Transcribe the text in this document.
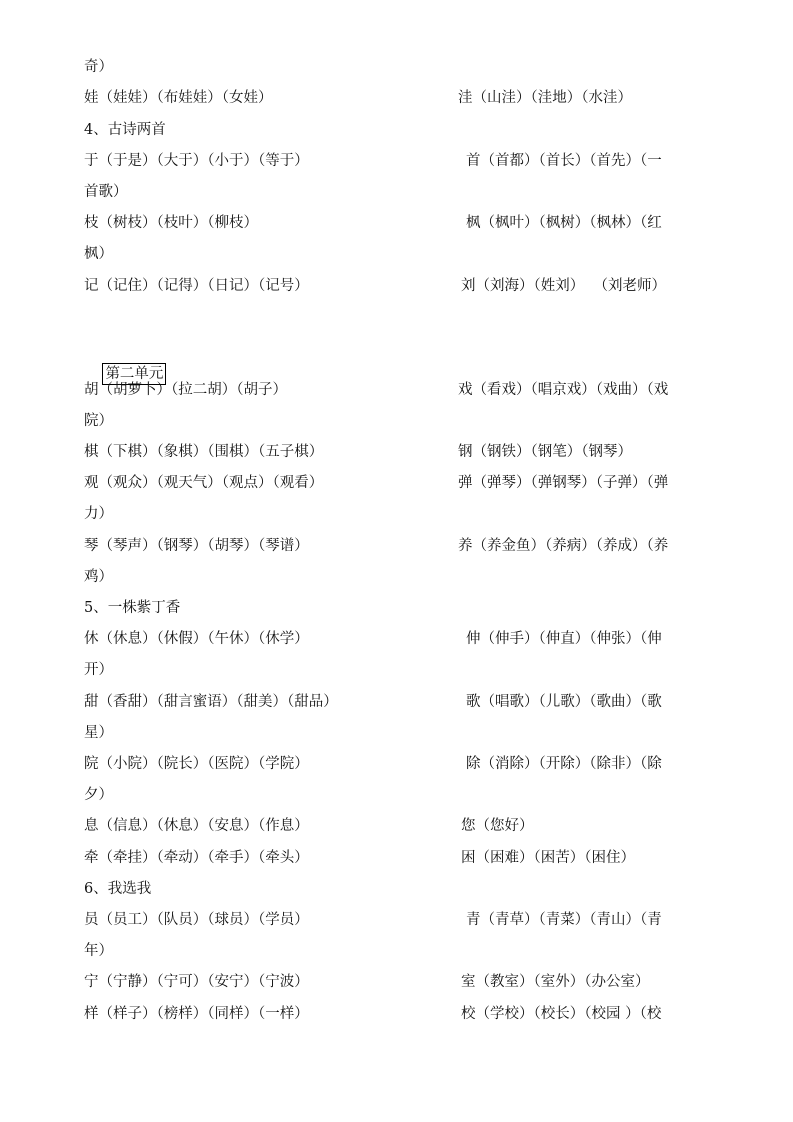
奇）
娃（娃娃）（布娃娃）（女娃）	洼（山洼）（洼地）（水洼）
4、古诗两首
于（于是）（大于）（小于）（等于）	首（首都）（首长）（首先）（一
首歌）
枝（树枝）（枝叶）（柳枝）	枫（枫叶）（枫树）（枫林）（红
枫）
记（记住）（记得）（日记）（记号）	刘（刘海）（姓刘）  （刘老师）

第二单元

胡（胡萝卜）（拉二胡）（胡子）	戏（看戏）（唱京戏）（戏曲）（戏
院）
棋（下棋）（象棋）（围棋）（五子棋）	钢（钢铁）（钢笔）（钢琴）
观（观众）（观天气）（观点）（观看）	弹（弹琴）（弹钢琴）（子弹）（弹
力）
琴（琴声）（钢琴）（胡琴）（琴谱）	养（养金鱼）（养病）（养成）（养
鸡）
5、一株紫丁香
休（休息）（休假）（午休）（休学）	伸（伸手）（伸直）（伸张）（伸
开）
甜（香甜）（甜言蜜语）（甜美）（甜品）	歌（唱歌）（儿歌）（歌曲）（歌
星）
院（小院）（院长）（医院）（学院）	除（消除）（开除）（除非）（除
夕）
息（信息）（休息）（安息）（作息）	您（您好）
牵（牵挂）（牵动）（牵手）（牵头）	困（困难）（困苦）（困住）
6、我选我
员（员工）（队员）（球员）（学员）	青（青草）（青菜）（青山）（青
年）
宁（宁静）（宁可）（安宁）（宁波）	室（教室）（室外）（办公室）
样（样子）（榜样）（同样）（一样）	校（学校）（校长）（校园 ）（校
